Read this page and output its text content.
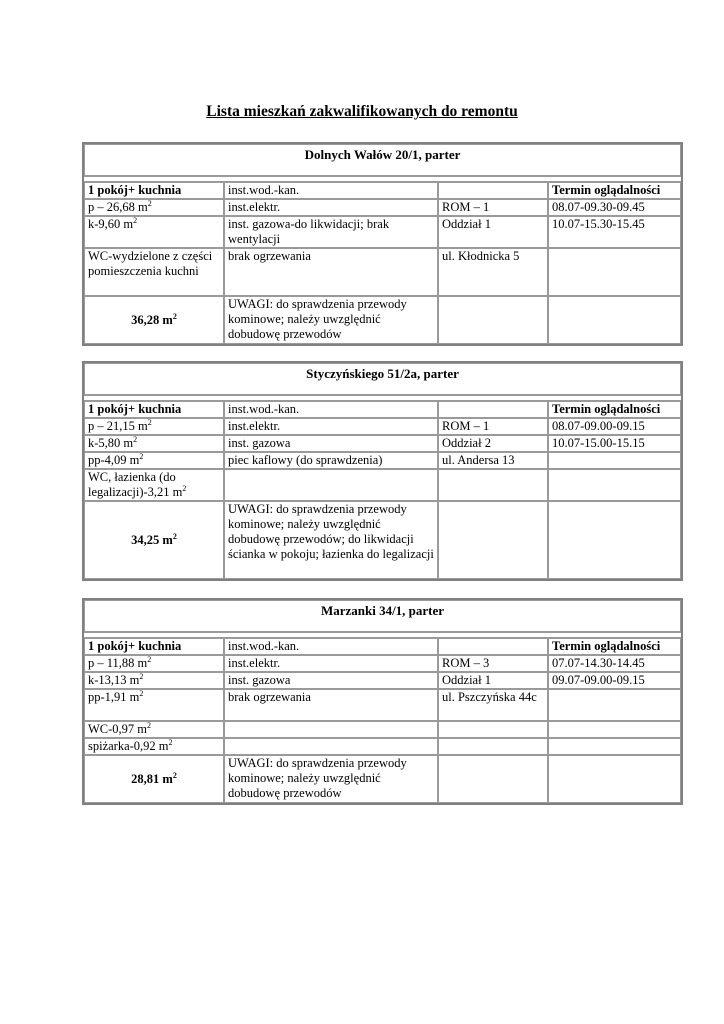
Lista mieszkań zakwalifikowanych do remontu
Dolnych Wałów 20/1, parter			

1 pokój+ kuchnia	inst.wod.-kan.		Termin oglądalności
p – 26,68 $m^2$	inst.elektr.	ROM – 1	08.07-09.30-09.45
k-9,60 $m^2$	inst. gazowa-do likwidacji; brak wentylacji	Oddział 1	10.07-15.30-15.45
WC-wydzielone z części pomieszczenia kuchni	brak ogrzewania	ul. Kłodnicka 5	
36,28 $m^2$	UWAGI: do sprawdzenia przewody kominowe; należy uwzględnić dobudowę przewodów		
Styczyńskiego 51/2a, parter			

1 pokój+ kuchnia	inst.wod.-kan.		Termin oglądalności
p – 21,15 $m^2$	inst.elektr.	ROM – 1	08.07-09.00-09.15
k-5,80 $m^2$	inst. gazowa	Oddział 2	10.07-15.00-15.15
pp-4,09 $m^2$	piec kaflowy (do sprawdzenia)	ul. Andersa 13	
WC, łazienka (do legalizacji)-3,21 $m^2$			
34,25 $m^2$	UWAGI: do sprawdzenia przewody kominowe; należy uwzględnić dobudowę przewodów; do likwidacji ścianka w pokoju; łazienka do legalizacji		
Marzanki 34/1, parter			

1 pokój+ kuchnia	inst.wod.-kan.		Termin oglądalności
p – 11,88 $m^2$	inst.elektr.	ROM – 3	07.07-14.30-14.45
k-13,13 $m^2$	inst. gazowa	Oddział 1	09.07-09.00-09.15
pp-1,91 $m^2$	brak ogrzewania	ul. Pszczyńska 44c	
WC-0,97 $m^2$			
spiżarka-0,92 $m^2$			
28,81 $m^2$	UWAGI: do sprawdzenia przewody kominowe; należy uwzględnić dobudowę przewodów		
